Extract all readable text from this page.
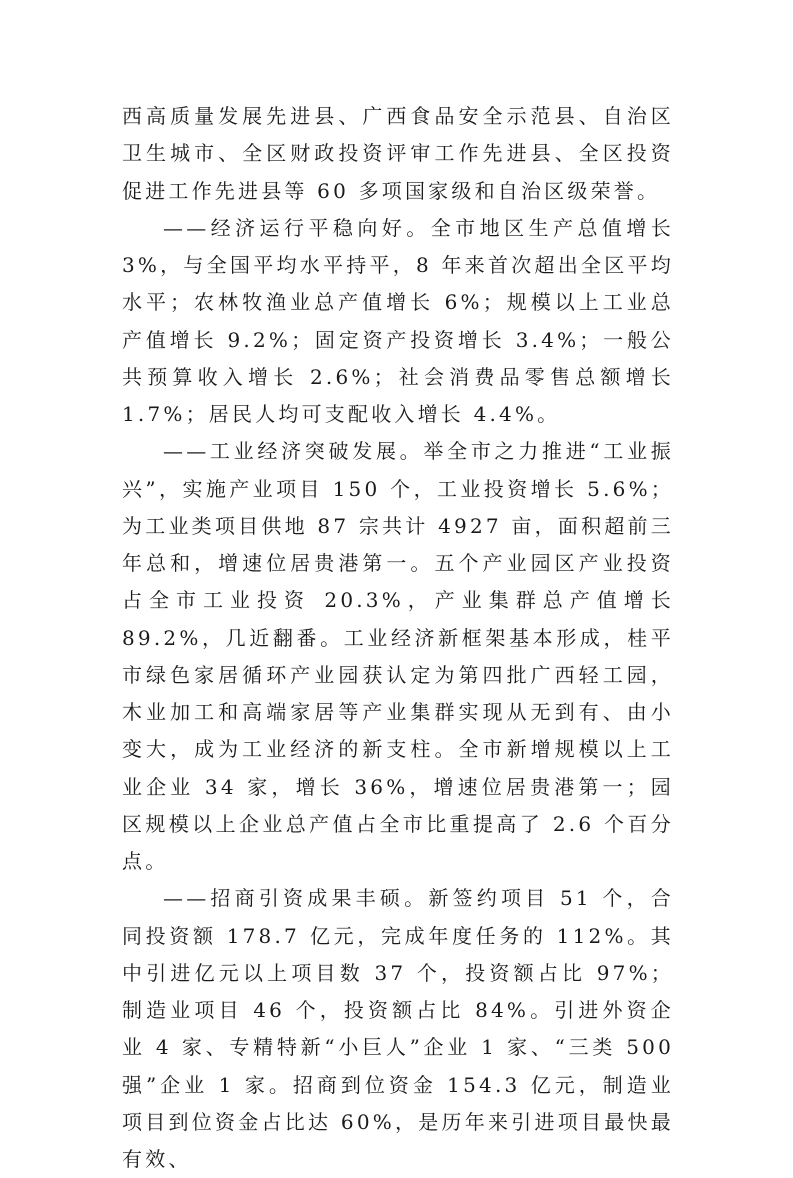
西高质量发展先进县、广西食品安全示范县、自治区卫生城市、全区财政投资评审工作先进县、全区投资促进工作先进县等 60 多项国家级和自治区级荣誉。

——经济运行平稳向好。全市地区生产总值增长 3%，与全国平均水平持平，8 年来首次超出全区平均水平；农林牧渔业总产值增长 6%；规模以上工业总产值增长 9.2%；固定资产投资增长 3.4%；一般公共预算收入增长 2.6%；社会消费品零售总额增长 1.7%；居民人均可支配收入增长 4.4%。

——工业经济突破发展。举全市之力推进“工业振兴”，实施产业项目 150 个，工业投资增长 5.6%；为工业类项目供地 87 宗共计 4927 亩，面积超前三年总和，增速位居贵港第一。五个产业园区产业投资占全市工业投资 20.3%，产业集群总产值增长 89.2%，几近翻番。工业经济新框架基本形成，桂平市绿色家居循环产业园获认定为第四批广西轻工园，木业加工和高端家居等产业集群实现从无到有、由小变大，成为工业经济的新支柱。全市新增规模以上工业企业 34 家，增长 36%，增速位居贵港第一；园区规模以上企业总产值占全市比重提高了 2.6 个百分点。

——招商引资成果丰硕。新签约项目 51 个，合同投资额 178.7 亿元，完成年度任务的 112%。其中引进亿元以上项目数 37 个，投资额占比 97%；制造业项目 46 个，投资额占比 84%。引进外资企业 4 家、专精特新“小巨人”企业 1 家、“三类 500 强”企业 1 家。招商到位资金 154.3 亿元，制造业项目到位资金占比达 60%，是历年来引进项目最快最有效、
